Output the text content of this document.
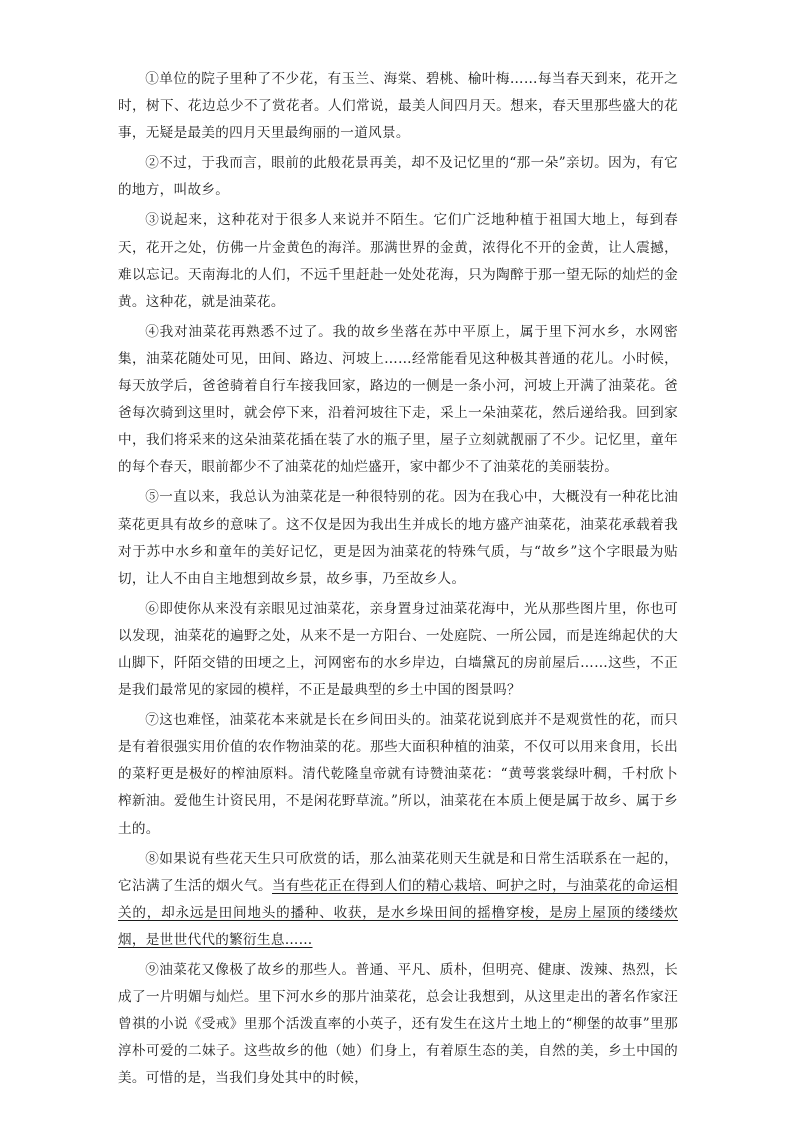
①单位的院子里种了不少花，有玉兰、海棠、碧桃、榆叶梅……每当春天到来，花开之时，树下、花边总少不了赏花者。人们常说，最美人间四月天。想来，春天里那些盛大的花事，无疑是最美的四月天里最绚丽的一道风景。

②不过，于我而言，眼前的此般花景再美，却不及记忆里的“那一朵”亲切。因为，有它的地方，叫故乡。

③说起来，这种花对于很多人来说并不陌生。它们广泛地种植于祖国大地上，每到春天，花开之处，仿佛一片金黄色的海洋。那满世界的金黄，浓得化不开的金黄，让人震撼，难以忘记。天南海北的人们，不远千里赶赴一处处花海，只为陶醉于那一望无际的灿烂的金黄。这种花，就是油菜花。

④我对油菜花再熟悉不过了。我的故乡坐落在苏中平原上，属于里下河水乡，水网密集，油菜花随处可见，田间、路边、河坡上……经常能看见这种极其普通的花儿。小时候，每天放学后，爸爸骑着自行车接我回家，路边的一侧是一条小河，河坡上开满了油菜花。爸爸每次骑到这里时，就会停下来，沿着河坡往下走，采上一朵油菜花，然后递给我。回到家中，我们将采来的这朵油菜花插在装了水的瓶子里，屋子立刻就靓丽了不少。记忆里，童年的每个春天，眼前都少不了油菜花的灿烂盛开，家中都少不了油菜花的美丽装扮。

⑤一直以来，我总认为油菜花是一种很特别的花。因为在我心中，大概没有一种花比油菜花更具有故乡的意味了。这不仅是因为我出生并成长的地方盛产油菜花，油菜花承载着我对于苏中水乡和童年的美好记忆，更是因为油菜花的特殊气质，与“故乡”这个字眼最为贴切，让人不由自主地想到故乡景，故乡事，乃至故乡人。

⑥即使你从来没有亲眼见过油菜花，亲身置身过油菜花海中，光从那些图片里，你也可以发现，油菜花的遍野之处，从来不是一方阳台、一处庭院、一所公园，而是连绵起伏的大山脚下，阡陌交错的田埂之上，河网密布的水乡岸边，白墙黛瓦的房前屋后……这些，不正是我们最常见的家园的模样，不正是最典型的乡土中国的图景吗？

⑦这也难怪，油菜花本来就是长在乡间田头的。油菜花说到底并不是观赏性的花，而只是有着很强实用价值的农作物油菜的花。那些大面积种植的油菜，不仅可以用来食用，长出的菜籽更是极好的榨油原料。清代乾隆皇帝就有诗赞油菜花：“黄萼裳裳绿叶稠，千村欣卜榨新油。爱他生计资民用，不是闲花野草流。”所以，油菜花在本质上便是属于故乡、属于乡土的。

⑧如果说有些花天生只可欣赏的话，那么油菜花则天生就是和日常生活联系在一起的，它沾满了生活的烟火气。当有些花正在得到人们的精心栽培、呵护之时，与油菜花的命运相关的，却永远是田间地头的播种、收获，是水乡垛田间的摇橹穿梭，是房上屋顶的缕缕炊烟，是世世代代的繁衍生息……

⑨油菜花又像极了故乡的那些人。普通、平凡、质朴，但明亮、健康、泼辣、热烈，长成了一片明媚与灿烂。里下河水乡的那片油菜花，总会让我想到，从这里走出的著名作家汪曾祺的小说《受戒》里那个活泼直率的小英子，还有发生在这片土地上的“柳堡的故事”里那淳朴可爱的二妹子。这些故乡的他（她）们身上，有着原生态的美，自然的美，乡土中国的美。可惜的是，当我们身处其中的时候，
